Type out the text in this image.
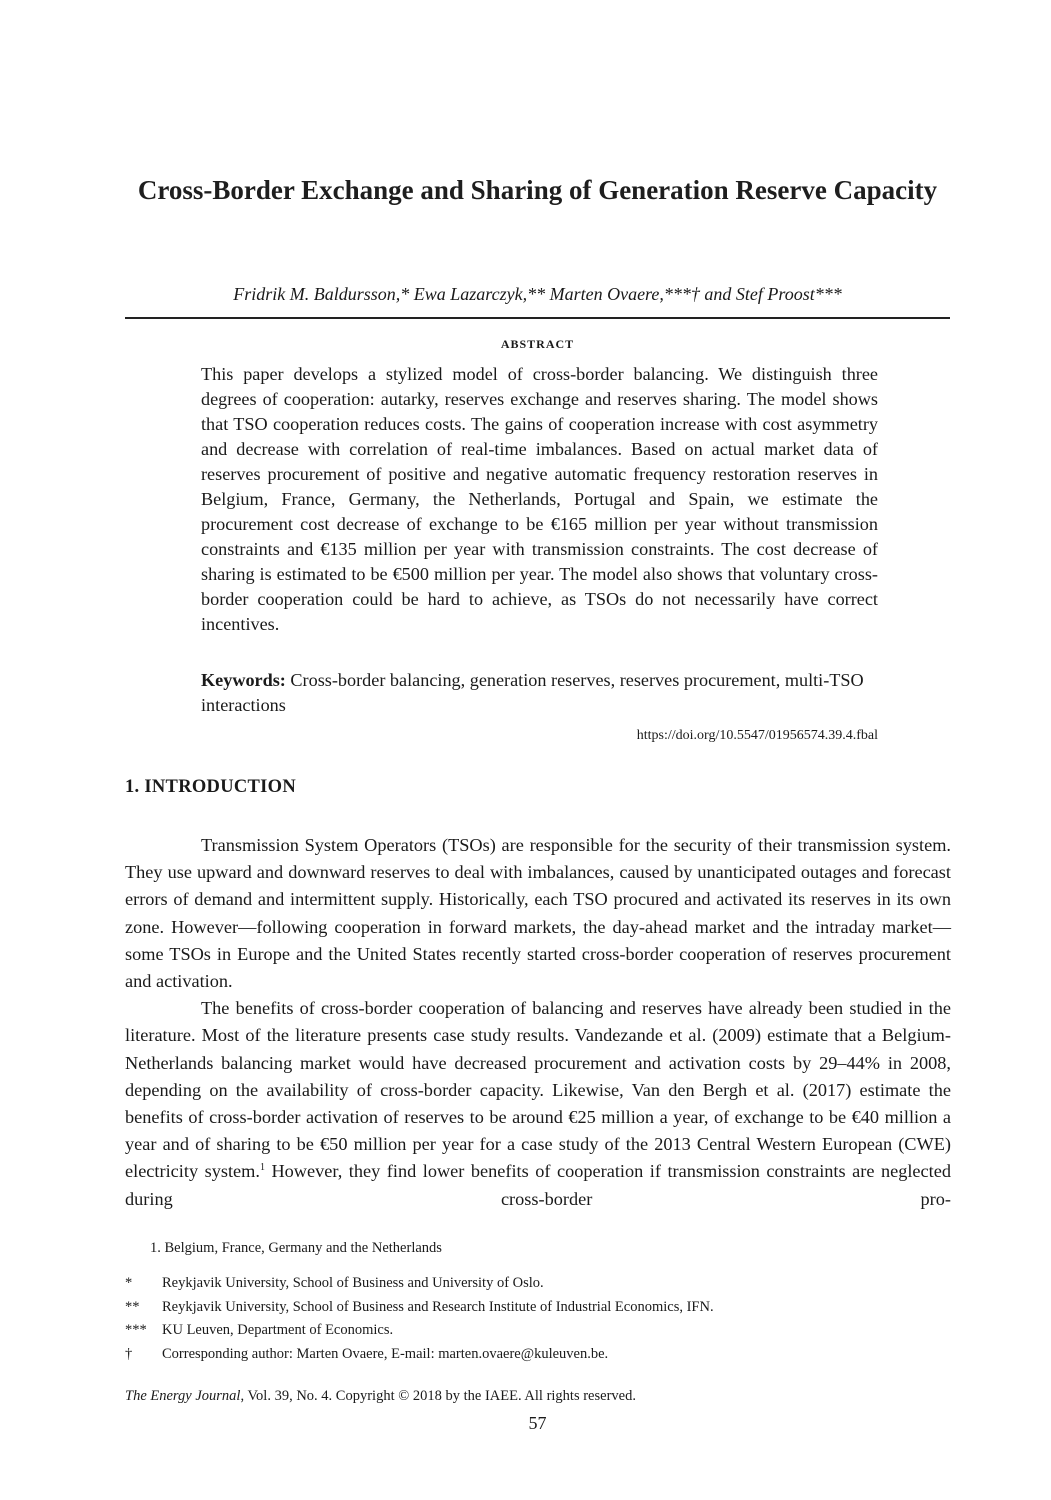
Cross-Border Exchange and Sharing of Generation Reserve Capacity
Fridrik M. Baldursson,* Ewa Lazarczyk,** Marten Ovaere,***† and Stef Proost***
ABSTRACT

This paper develops a stylized model of cross-border balancing. We distinguish three degrees of cooperation: autarky, reserves exchange and reserves sharing. The model shows that TSO cooperation reduces costs. The gains of cooperation increase with cost asymmetry and decrease with correlation of real-time imbalances. Based on actual market data of reserves procurement of positive and negative automatic frequency restoration reserves in Belgium, France, Germany, the Netherlands, Portugal and Spain, we estimate the procurement cost decrease of exchange to be €165 million per year without transmission constraints and €135 million per year with transmission constraints. The cost decrease of sharing is estimated to be €500 million per year. The model also shows that voluntary cross-border cooperation could be hard to achieve, as TSOs do not necessarily have correct incentives.

Keywords: Cross-border balancing, generation reserves, reserves procurement, multi-TSO interactions
https://doi.org/10.5547/01956574.39.4.fbal
1. INTRODUCTION

Transmission System Operators (TSOs) are responsible for the security of their transmission system. They use upward and downward reserves to deal with imbalances, caused by unanticipated outages and forecast errors of demand and intermittent supply. Historically, each TSO procured and activated its reserves in its own zone. However—following cooperation in forward markets, the day-ahead market and the intraday market—some TSOs in Europe and the United States recently started cross-border cooperation of reserves procurement and activation.

The benefits of cross-border cooperation of balancing and reserves have already been studied in the literature. Most of the literature presents case study results. Vandezande et al. (2009) estimate that a Belgium-Netherlands balancing market would have decreased procurement and activation costs by 29–44% in 2008, depending on the availability of cross-border capacity. Likewise, Van den Bergh et al. (2017) estimate the benefits of cross-border activation of reserves to be around €25 million a year, of exchange to be €40 million a year and of sharing to be €50 million per year for a case study of the 2013 Central Western European (CWE) electricity system.$^1$ However, they find lower benefits of cooperation if transmission constraints are neglected during cross-border pro-

1. Belgium, France, Germany and the Netherlands
*	Reykjavik University, School of Business and University of Oslo.
**	Reykjavik University, School of Business and Research Institute of Industrial Economics, IFN.
***	KU Leuven, Department of Economics.
†	Corresponding author: Marten Ovaere, E-mail: marten.ovaere@kuleuven.be.
The Energy Journal, Vol. 39, No. 4. Copyright © 2018 by the IAEE. All rights reserved.
57
